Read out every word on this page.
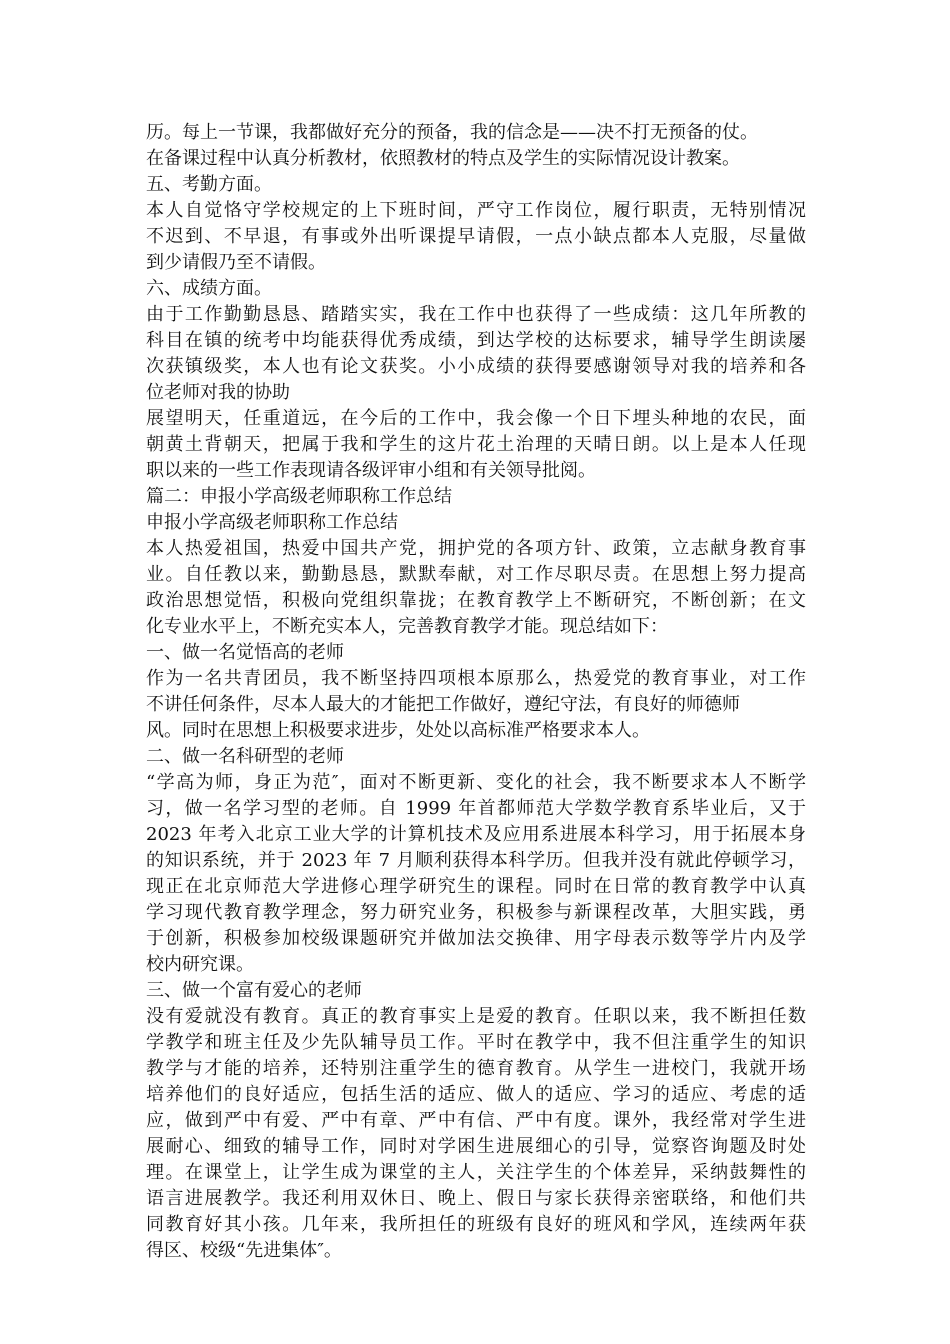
历。每上一节课，我都做好充分的预备，我的信念是——决不打无预备的仗。
在备课过程中认真分析教材，依照教材的特点及学生的实际情况设计教案。
五、考勤方面。
本人自觉恪守学校规定的上下班时间，严守工作岗位，履行职责，无特别情况
不迟到、不早退，有事或外出听课提早请假，一点小缺点都本人克服，尽量做
到少请假乃至不请假。
六、成绩方面。
由于工作勤勤恳恳、踏踏实实，我在工作中也获得了一些成绩：这几年所教的
科目在镇的统考中均能获得优秀成绩，到达学校的达标要求，辅导学生朗读屡
次获镇级奖，本人也有论文获奖。小小成绩的获得要感谢领导对我的培养和各
位老师对我的协助
展望明天，任重道远，在今后的工作中，我会像一个日下埋头种地的农民，面
朝黄土背朝天，把属于我和学生的这片花土治理的天晴日朗。以上是本人任现
职以来的一些工作表现请各级评审小组和有关领导批阅。
篇二：申报小学高级老师职称工作总结
申报小学高级老师职称工作总结
本人热爱祖国，热爱中国共产党，拥护党的各项方针、政策，立志献身教育事
业。自任教以来，勤勤恳恳，默默奉献，对工作尽职尽责。在思想上努力提高
政治思想觉悟，积极向党组织靠拢；在教育教学上不断研究，不断创新；在文
化专业水平上，不断充实本人，完善教育教学才能。现总结如下：
一、做一名觉悟高的老师
作为一名共青团员，我不断坚持四项根本原那么，热爱党的教育事业，对工作
不讲任何条件，尽本人最大的才能把工作做好，遵纪守法，有良好的师德师
风。同时在思想上积极要求进步，处处以高标准严格要求本人。
二、做一名科研型的老师
“学高为师，身正为范″，面对不断更新、变化的社会，我不断要求本人不断学
习，做一名学习型的老师。自 1999 年首都师范大学数学教育系毕业后，又于
2023 年考入北京工业大学的计算机技术及应用系进展本科学习，用于拓展本身
的知识系统，并于 2023 年 7 月顺利获得本科学历。但我并没有就此停顿学习，
现正在北京师范大学进修心理学研究生的课程。同时在日常的教育教学中认真
学习现代教育教学理念，努力研究业务，积极参与新课程改革，大胆实践，勇
于创新，积极参加校级课题研究并做加法交换律、用字母表示数等学片内及学
校内研究课。
三、做一个富有爱心的老师
没有爱就没有教育。真正的教育事实上是爱的教育。任职以来，我不断担任数
学教学和班主任及少先队辅导员工作。平时在教学中，我不但注重学生的知识
教学与才能的培养，还特别注重学生的德育教育。从学生一进校门，我就开场
培养他们的良好适应，包括生活的适应、做人的适应、学习的适应、考虑的适
应，做到严中有爱、严中有章、严中有信、严中有度。课外，我经常对学生进
展耐心、细致的辅导工作，同时对学困生进展细心的引导，觉察咨询题及时处
理。在课堂上，让学生成为课堂的主人，关注学生的个体差异，采纳鼓舞性的
语言进展教学。我还利用双休日、晚上、假日与家长获得亲密联络，和他们共
同教育好其小孩。几年来，我所担任的班级有良好的班风和学风，连续两年获
得区、校级“先进集体″。
